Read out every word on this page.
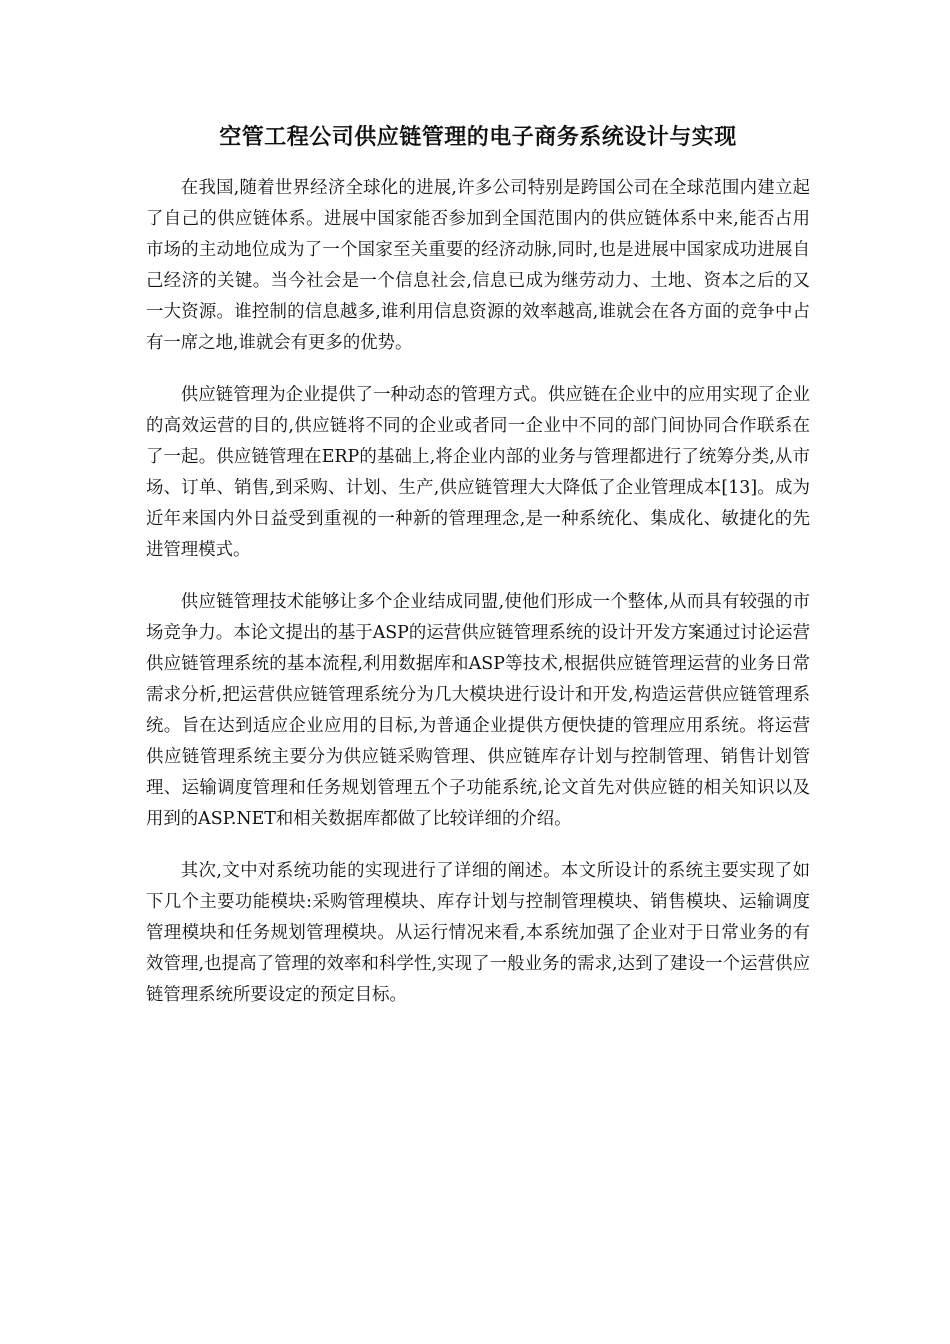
空管工程公司供应链管理的电子商务系统设计与实现

在我国,随着世界经济全球化的进展,许多公司特别是跨国公司在全球范围内建立起了自己的供应链体系。进展中国家能否参加到全国范围内的供应链体系中来,能否占用市场的主动地位成为了一个国家至关重要的经济动脉,同时,也是进展中国家成功进展自己经济的关键。当今社会是一个信息社会,信息已成为继劳动力、土地、资本之后的又一大资源。谁控制的信息越多,谁利用信息资源的效率越高,谁就会在各方面的竞争中占有一席之地,谁就会有更多的优势。

供应链管理为企业提供了一种动态的管理方式。供应链在企业中的应用实现了企业的高效运营的目的,供应链将不同的企业或者同一企业中不同的部门间协同合作联系在了一起。供应链管理在ERP的基础上,将企业内部的业务与管理都进行了统筹分类,从市场、订单、销售,到采购、计划、生产,供应链管理大大降低了企业管理成本[13]。成为近年来国内外日益受到重视的一种新的管理理念,是一种系统化、集成化、敏捷化的先进管理模式。

供应链管理技术能够让多个企业结成同盟,使他们形成一个整体,从而具有较强的市场竞争力。本论文提出的基于ASP的运营供应链管理系统的设计开发方案通过讨论运营供应链管理系统的基本流程,利用数据库和ASP等技术,根据供应链管理运营的业务日常需求分析,把运营供应链管理系统分为几大模块进行设计和开发,构造运营供应链管理系统。旨在达到适应企业应用的目标,为普通企业提供方便快捷的管理应用系统。将运营供应链管理系统主要分为供应链采购管理、供应链库存计划与控制管理、销售计划管理、运输调度管理和任务规划管理五个子功能系统,论文首先对供应链的相关知识以及用到的ASP.NET和相关数据库都做了比较详细的介绍。

其次,文中对系统功能的实现进行了详细的阐述。本文所设计的系统主要实现了如下几个主要功能模块:采购管理模块、库存计划与控制管理模块、销售模块、运输调度管理模块和任务规划管理模块。从运行情况来看,本系统加强了企业对于日常业务的有效管理,也提高了管理的效率和科学性,实现了一般业务的需求,达到了建设一个运营供应链管理系统所要设定的预定目标。
